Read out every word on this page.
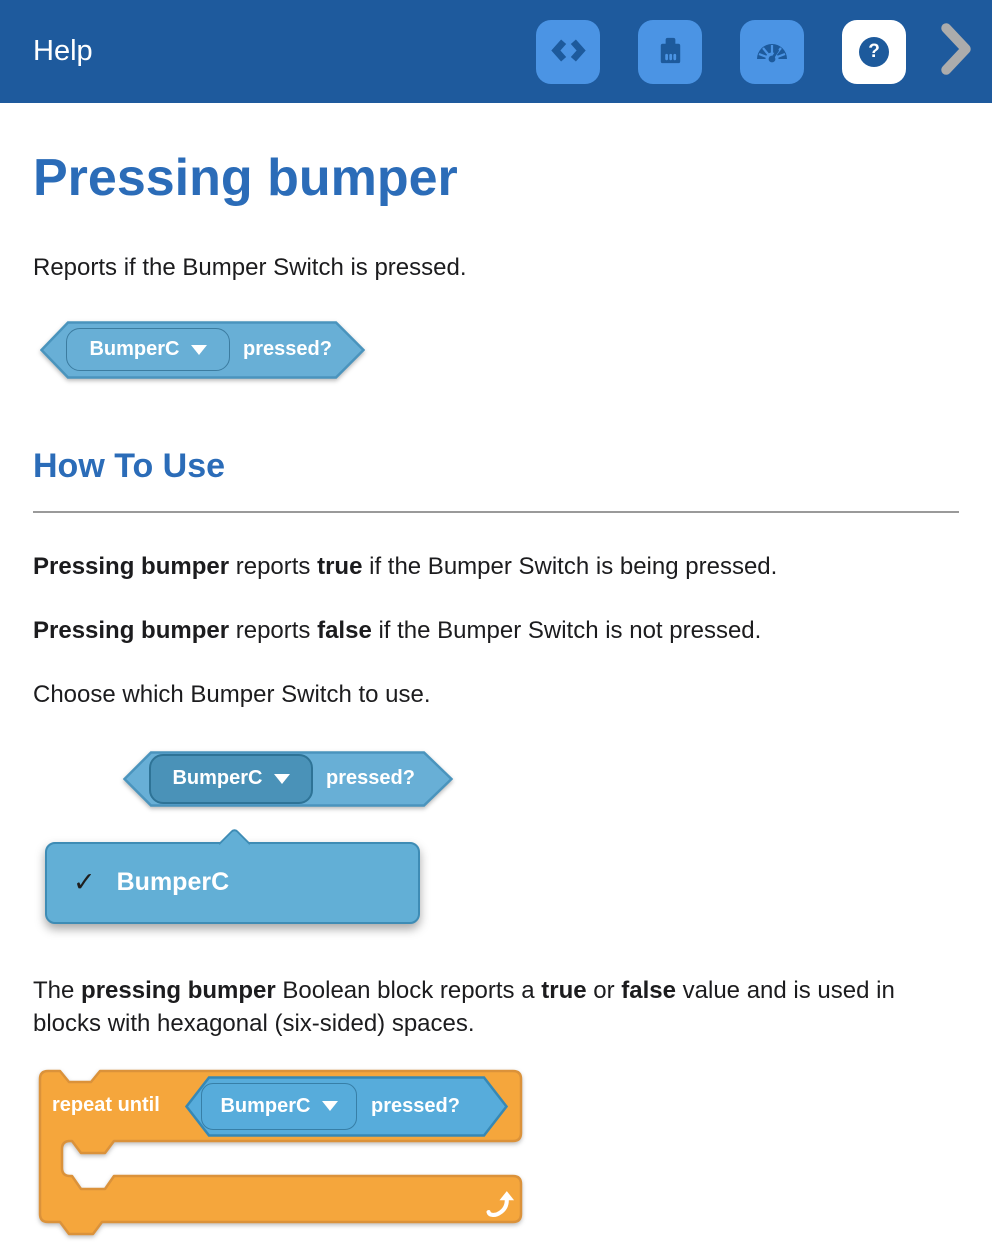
Help	?
Pressing bumper

Reports if the Bumper Switch is pressed.

BumperC	pressed?
How To Use

Pressing bumper reports true if the Bumper Switch is being pressed.

Pressing bumper reports false if the Bumper Switch is not pressed.

Choose which Bumper Switch to use.

BumperC	pressed?
✓ BumperC

The pressing bumper Boolean block reports a true or false value and is used in blocks with hexagonal (six-sided) spaces.

repeat until	BumperC	pressed?
